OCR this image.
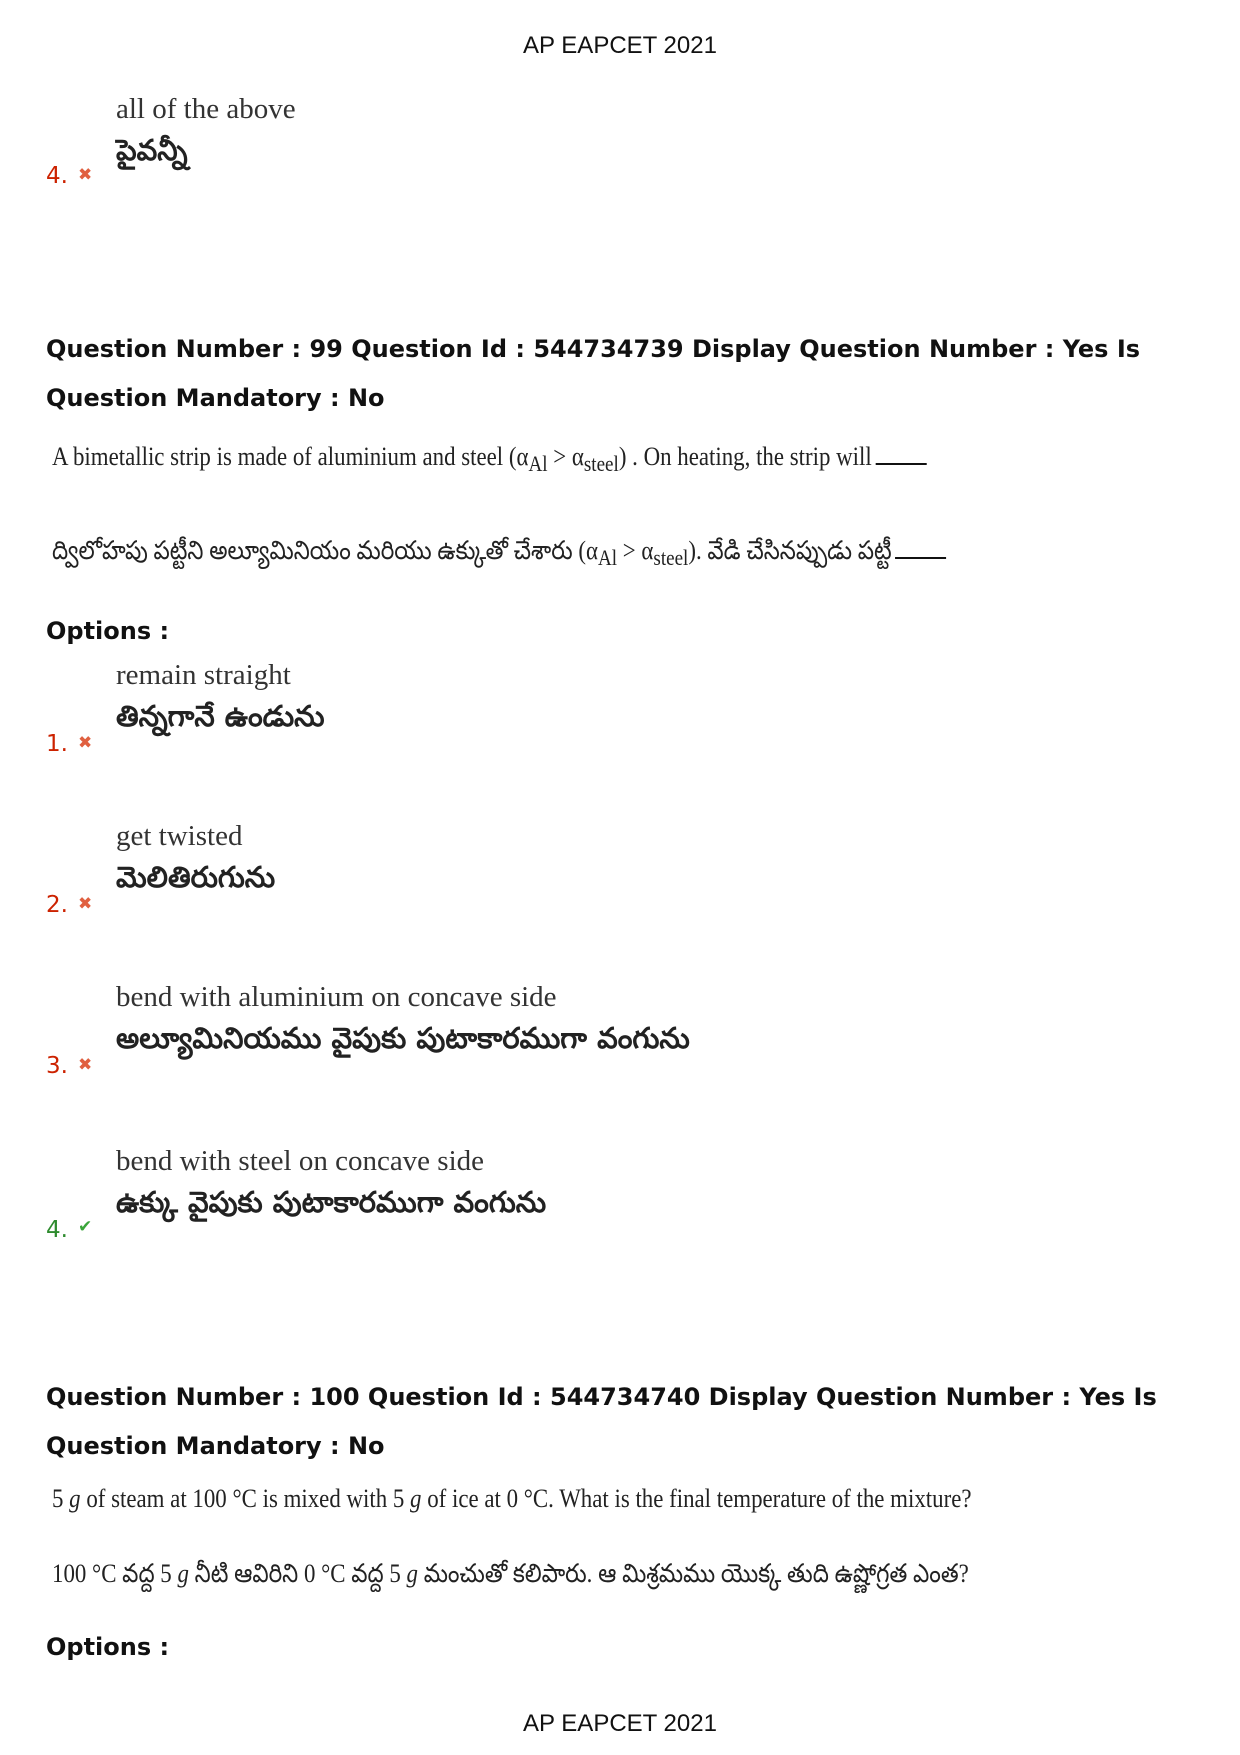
AP EAPCET 2021
all of the above
పైవన్నీ
4. ✖
Question Number : 99 Question Id : 544734739 Display Question Number : Yes Is Question Mandatory : No
A bimetallic strip is made of aluminium and steel $(\alpha_{Al} > \alpha_{steel})$ . On heating, the strip will
ద్విలోహపు పట్టీని అల్యూమినియం మరియు ఉక్కుతో చేశారు $(\alpha_{Al} > \alpha_{steel})$. వేడి చేసినప్పుడు పట్టీ
Options :
remain straight
తిన్నగానే ఉండును
1. ✖
get twisted
మెలితిరుగును
2. ✖
bend with aluminium on concave side
అల్యూమినియము వైపుకు పుటాకారముగా వంగును
3. ✖
bend with steel on concave side
ఉక్కు వైపుకు పుటాకారముగా వంగును
4. ✔
Question Number : 100 Question Id : 544734740 Display Question Number : Yes Is Question Mandatory : No
5 g of steam at 100 °C is mixed with 5 g of ice at 0 °C. What is the final temperature of the mixture?
100 °C వద్ద 5 g నీటి ఆవిరిని 0 °C వద్ద 5 g మంచుతో కలిపారు. ఆ మిశ్రమము యొక్క తుది ఉష్ణోగ్రత ఎంత?
Options :
AP EAPCET 2021
